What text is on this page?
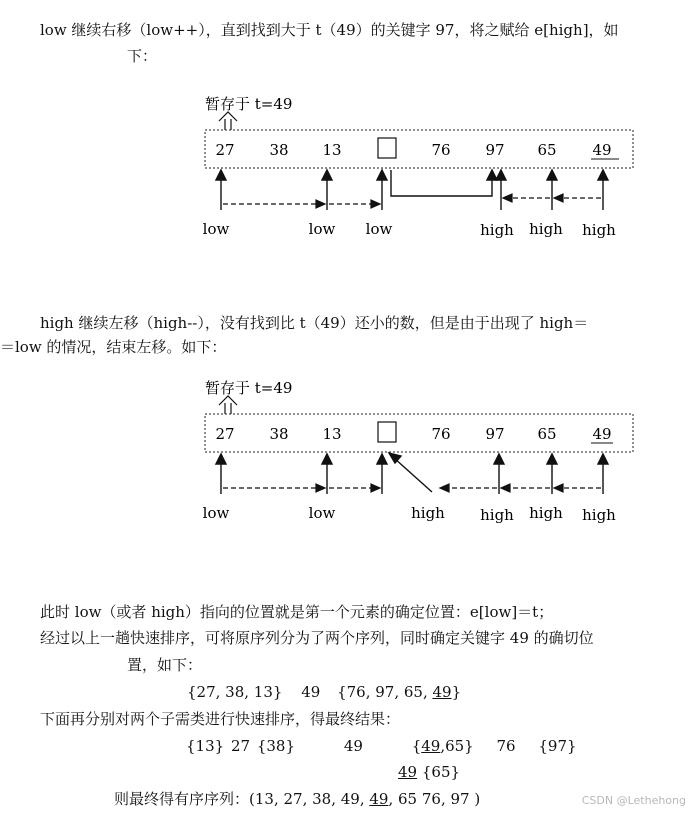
low 继续右移（low++），直到找到大于 t（49）的关键字 97，将之赋给 e[high]，如
下：
暂存于 t=49
27 38 13	76 97 65 49
low	low low	high high high
high 继续左移（high--），没有找到比 t（49）还小的数，但是由于出现了 high＝
＝low 的情况，结束左移。如下：
暂存于 t=49
27 38 13	76 97 65 49
low	low	high high high high
此时 low（或者 high）指向的位置就是第一个元素的确定位置：e[low]＝t；
经过以上一趟快速排序，可将原序列分为了两个序列，同时确定关键字 49 的确切位
置，如下：
{27, 38, 13} 49 {76, 97, 65, 49}
下面再分别对两个子需类进行快速排序，得最终结果：
{13} 27 {38}	49	{49,65} 76 {97}
49 {65}
则最终得有序序列：(13, 27, 38, 49, 49, 65 76, 97 )	CSDN @Lethehong
